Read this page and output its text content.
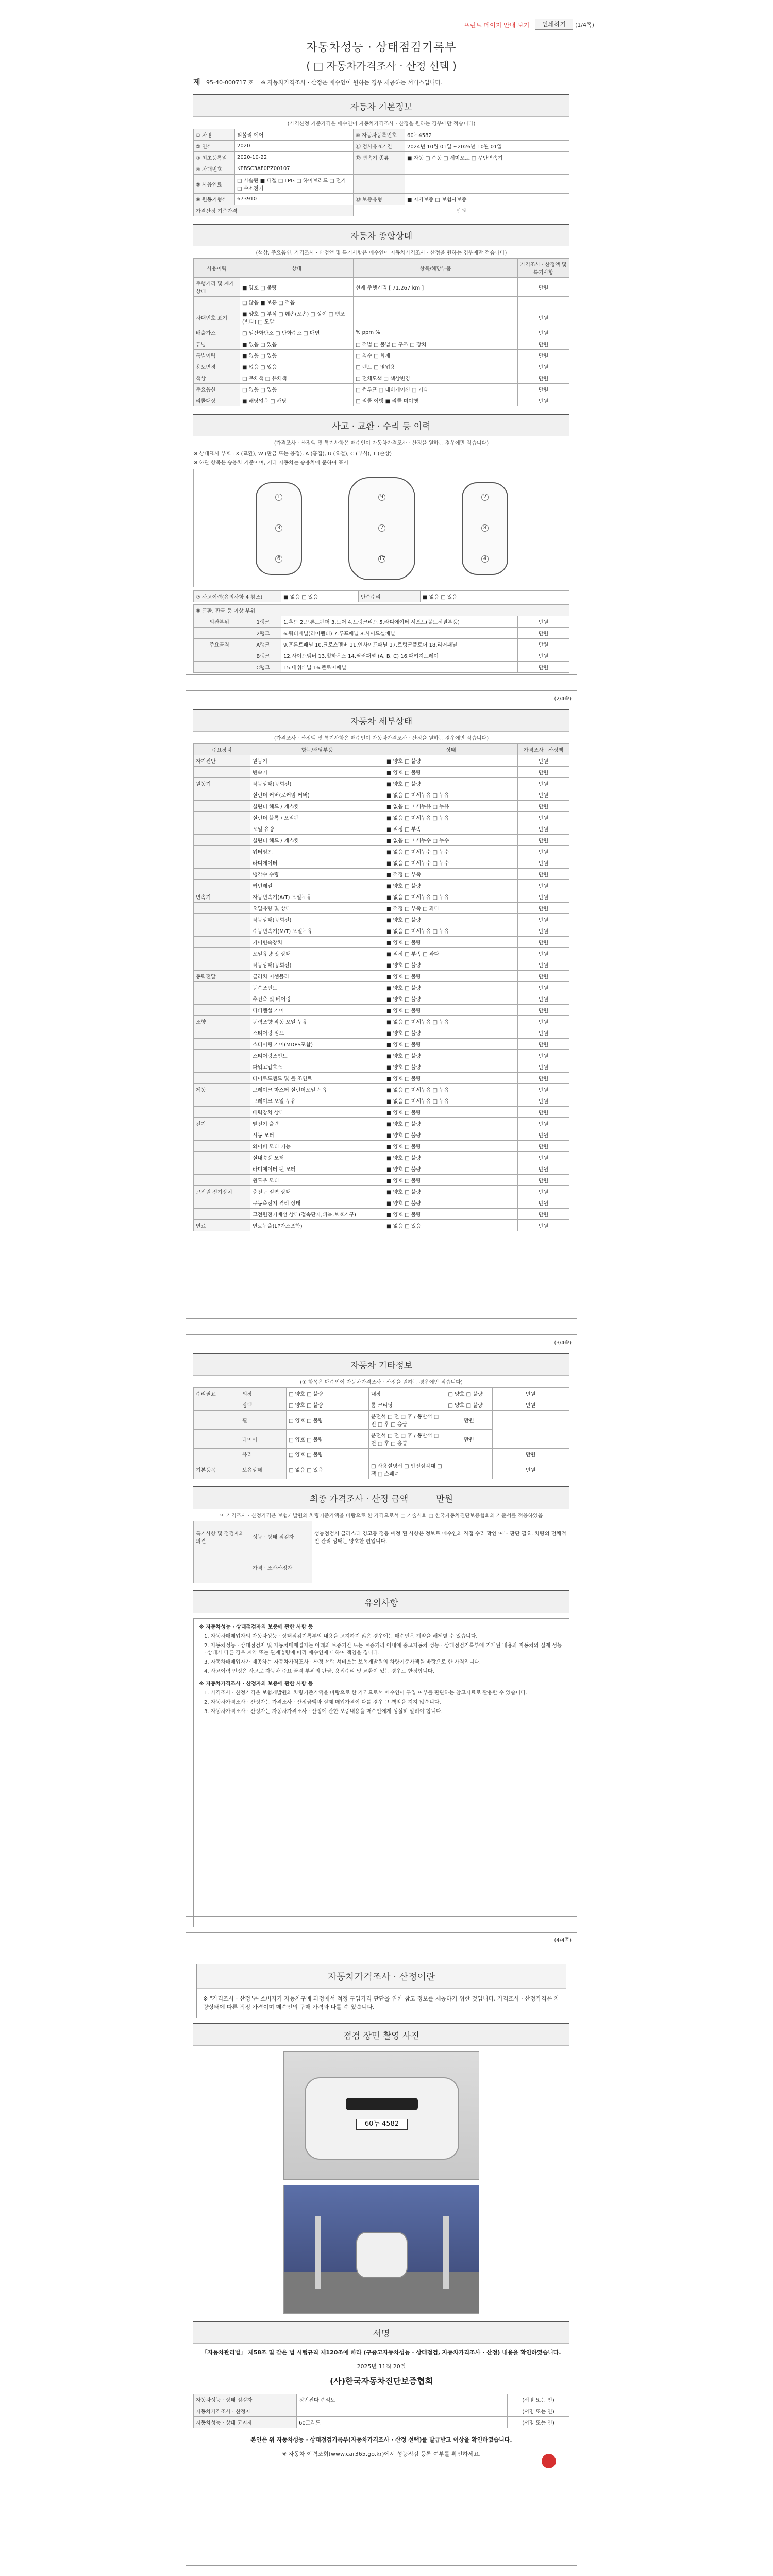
프린트 페이지 안내 보기	인쇄하기	(1/4쪽)
자동차성능 · 상태점검기록부
( □ 자동차가격조사 · 산정 선택 )
제 95-40-000717 호 ※ 자동차가격조사 · 산정은 매수인이 원하는 경우 제공하는 서비스입니다.
자동차 기본정보
(가격산정 기준가격은 매수인이 자동차가격조사 · 산정을 원하는 경우에만 적습니다)
① 차명	티볼리 에어	⑩ 자동차등록번호	60누4582
② 연식	2020	⑪ 검사유효기간	2024년 10월 01일 ~2026년 10월 01일
③ 최초등록일	2020-10-22	⑫ 변속기 종류	■ 자동 □ 수동 □ 세미오토 □ 무단변속기
④ 차대번호	KPBSC3AF0PZ00107		
⑤ 사용연료	□ 가솔린 ■ 디젤 □ LPG □ 하이브리드 □ 전기 □ 수소전기		
⑥ 원동기형식	673910	⑬ 보증유형	■ 자가보증 □ 보험사보증
가격산정 기준가격		만원	
자동차 종합상태
(색상, 주요옵션, 가격조사 · 산정액 및 특기사항은 매수인이 자동차가격조사 · 산정을 원하는 경우에만 적습니다)
사용이력	상태	항목/해당부품	가격조사 · 산정액 및 특기사항
주행거리 및 계기상태	■ 양호 □ 불량	현재 주행거리 [ 71,267 km ]	만원
	□ 많음 ■ 보통 □ 적음		
차대번호 표기	■ 양호 □ 부식 □ 훼손(오손) □ 상이 □ 변조(변타) □ 도말		만원
배출가스	□ 일산화탄소 □ 탄화수소 □ 매연	% ppm %	만원
튜닝	■ 없음 □ 있음	□ 적법 □ 불법 □ 구조 □ 장치	만원
특별이력	■ 없음 □ 있음	□ 침수 □ 화재	만원
용도변경	■ 없음 □ 있음	□ 렌트 □ 영업용	만원
색상	□ 무채색 □ 유채색	□ 전체도색 □ 색상변경	만원
주요옵션	□ 없음 □ 있음	□ 썬루프 □ 내비게이션 □ 기타	만원
리콜대상	■ 해당없음 □ 해당	□ 리콜 이행 ■ 리콜 미이행	만원
사고 · 교환 · 수리 등 이력
(가격조사 · 산정액 및 특기사항은 매수인이 자동차가격조사 · 산정을 원하는 경우에만 적습니다)
※ 상태표시 부호 : X (교환), W (판금 또는 용접), A (흠집), U (요철), C (부식), T (손상)
※ 하단 항목은 승용차 기준이며, 기타 자동차는 승용차에 준하여 표시
1
3
6
9
7
17
2
8
4
⑦ 사고이력(유의사항 4 참조)	■ 없음 □ 있음	단순수리	■ 없음 □ 있음
⑧ 교환, 판금 등 이상 부위			
외판부위	1랭크	1.후드 2.프론트펜더 3.도어 4.트렁크리드 5.라디에이터 서포트(볼트체결부품)	만원
	2랭크	6.쿼터패널(리어펜더) 7.루프패널 8.사이드실패널	만원
주요골격	A랭크	9.프론트패널 10.크로스멤버 11.인사이드패널 17.트렁크플로어 18.리어패널	만원
	B랭크	12.사이드멤버 13.휠하우스 14.필러패널 (A, B, C) 16.패키지트레이	만원
	C랭크	15.대쉬패널 16.플로어패널	만원
(2/4쪽)
자동차 세부상태
(가격조사 · 산정액 및 특기사항은 매수인이 자동차가격조사 · 산정을 원하는 경우에만 적습니다)
주요장치	항목/해당부품	상태	가격조사 · 산정액
자기진단	원동기	■ 양호 □ 불량	만원
	변속기	■ 양호 □ 불량	만원
원동기	작동상태(공회전)	■ 양호 □ 불량	만원
	실린더 커버(로커암 커버)	■ 없음 □ 미세누유 □ 누유	만원
	실린더 헤드 / 개스킷	■ 없음 □ 미세누유 □ 누유	만원
	실린더 블록 / 오일팬	■ 없음 □ 미세누유 □ 누유	만원
	오일 유량	■ 적정 □ 부족	만원
	실린더 헤드 / 개스킷	■ 없음 □ 미세누수 □ 누수	만원
	워터펌프	■ 없음 □ 미세누수 □ 누수	만원
	라디에이터	■ 없음 □ 미세누수 □ 누수	만원
	냉각수 수량	■ 적정 □ 부족	만원
	커먼레일	■ 양호 □ 불량	만원
변속기	자동변속기(A/T) 오일누유	■ 없음 □ 미세누유 □ 누유	만원
	오일유량 및 상태	■ 적정 □ 부족 □ 과다	만원
	작동상태(공회전)	■ 양호 □ 불량	만원
	수동변속기(M/T) 오일누유	■ 없음 □ 미세누유 □ 누유	만원
	기어변속장치	■ 양호 □ 불량	만원
	오일유량 및 상태	■ 적정 □ 부족 □ 과다	만원
	작동상태(공회전)	■ 양호 □ 불량	만원
동력전달	클러치 어셈블리	■ 양호 □ 불량	만원
	등속조인트	■ 양호 □ 불량	만원
	추진축 및 베어링	■ 양호 □ 불량	만원
	디퍼렌셜 기어	■ 양호 □ 불량	만원
조향	동력조향 작동 오일 누유	■ 없음 □ 미세누유 □ 누유	만원
	스티어링 펌프	■ 양호 □ 불량	만원
	스티어링 기어(MDPS포함)	■ 양호 □ 불량	만원
	스티어링조인트	■ 양호 □ 불량	만원
	파워고압호스	■ 양호 □ 불량	만원
	타이로드엔드 및 볼 조인트	■ 양호 □ 불량	만원
제동	브레이크 마스터 실린더오일 누유	■ 없음 □ 미세누유 □ 누유	만원
	브레이크 오일 누유	■ 없음 □ 미세누유 □ 누유	만원
	배력장치 상태	■ 양호 □ 불량	만원
전기	발전기 출력	■ 양호 □ 불량	만원
	시동 모터	■ 양호 □ 불량	만원
	와이퍼 모터 기능	■ 양호 □ 불량	만원
	실내송풍 모터	■ 양호 □ 불량	만원
	라디에이터 팬 모터	■ 양호 □ 불량	만원
	윈도우 모터	■ 양호 □ 불량	만원
고전원 전기장치	충전구 절연 상태	■ 양호 □ 불량	만원
	구동축전지 격리 상태	■ 양호 □ 불량	만원
	고전원전기배선 상태(접속단자,피복,보호기구)	■ 양호 □ 불량	만원
연료	연료누출(LP가스포함)	■ 없음 □ 있음	만원
(3/4쪽)
자동차 기타정보
(① 항목은 매수인이 자동차가격조사 · 산정을 원하는 경우에만 적습니다)
수리필요	외장	□ 양호 □ 불량	내장	□ 양호 □ 불량	만원
	광택	□ 양호 □ 불량	룸 크리닝	□ 양호 □ 불량	만원
	휠	□ 양호 □ 불량	운전석 □ 전 □ 후 / 동반석 □ 전 □ 후 □ 응급	만원	
	타이어	□ 양호 □ 불량	운전석 □ 전 □ 후 / 동반석 □ 전 □ 후 □ 응급	만원	
	유리	□ 양호 □ 불량			만원
기본품목	보유상태	□ 없음 □ 있음	□ 사용설명서 □ 안전삼각대 □ 잭 □ 스패너		만원
최종 가격조사 · 산정 금액	만원
이 가격조사 · 산정가격은 보험개발원의 차량기준가액을 바탕으로 한 가격으로서 □ 기술사회 □ 한국자동차진단보증협회의 가준서를 적용하였음
특기사항 및 점검자의 의견	성능 · 상태 점검자	성능점검시 클러스터 경고등 점등 예정 된 사항은 정보로 매수인의 직접 수리 확인 여부 판단 필요. 차량의 전체적인 관리 상태는 양호한 편입니다.
	가격 · 조사산정자	
유의사항
※ 자동차성능 · 상태점검자의 보증에 관한 사항 등
1. 자동차매매업자의 자동차성능 · 상태점검기록부의 내용을 고지하지 않은 경우에는 매수인은 계약을 해제할 수 있습니다.
2. 자동차성능 · 상태점검자 및 자동차매매업자는 아래의 보증기간 또는 보증거리 이내에 중고자동차 성능 · 상태점검기록부에 기재된 내용과 자동차의 실제 성능 · 상태가 다른 경우 계약 또는 관계법령에 따라 매수인에 대하여 책임을 집니다.
3. 자동차매매업자가 제공하는 자동차가격조사 · 산정 선택 서비스는 보험개발원의 차량기준가액을 바탕으로 한 가격입니다.
4. 사고이력 인정은 사고로 자동차 주요 골격 부위의 판금, 용접수리 및 교환이 있는 경우로 한정합니다.
※ 자동차가격조사 · 산정자의 보증에 관한 사항 등
1. 가격조사 · 산정가격은 보험개발원의 차량기준가액을 바탕으로 한 가격으로서 매수인이 구입 여부를 판단하는 참고자료로 활용할 수 있습니다.
2. 자동차가격조사 · 산정자는 가격조사 · 산정금액과 실제 매입가격이 다를 경우 그 책임을 지지 않습니다.
3. 자동차가격조사 · 산정자는 자동차가격조사 · 산정에 관한 보증내용을 매수인에게 성실히 알려야 합니다.
(4/4쪽)
자동차가격조사 · 산정이란
※ "가격조사 · 산정"은 소비자가 자동차구매 과정에서 적정 구입가격 판단을 위한 참고 정보를 제공하기 위한 것입니다. 가격조사 · 산정가격은 차량상태에 따른 적정 가격이며 매수인의 구매 가격과 다를 수 있습니다.
점검 장면 촬영 사진
60누 4582
서명
「자동차관리법」 제58조 및 같은 법 시행규칙 제120조에 따라 (구중고자동차성능 · 상태점검, 자동차가격조사 · 산정) 내용을 확인하였습니다.
2025년 11월 20일
(사)한국자동차진단보증협회
자동차성능 · 상태 점검자	정민진다 손석도	(서명 또는 인)
자동차가격조사 · 산정자		(서명 또는 인)
자동차성능 · 상태 고지자	60모라드	(서명 또는 인)
본인은 위 자동차성능 · 상태점검기록부(자동차가격조사 · 산정 선택)를 발급받고 이상을 확인하였습니다.
※ 자동차 이력조회(www.car365.go.kr)에서 성능점검 등록 여부를 확인하세요.
